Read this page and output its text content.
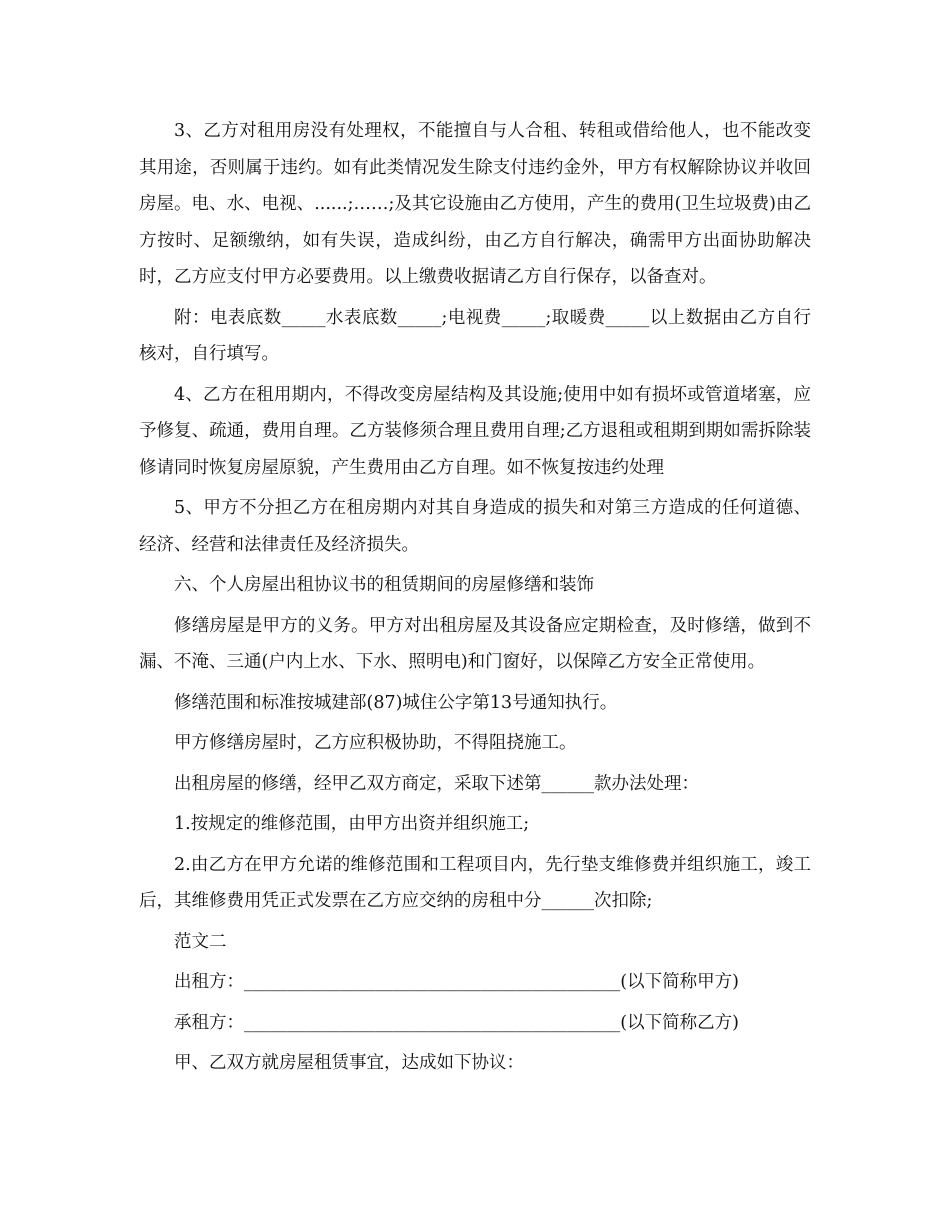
3、乙方对租用房没有处理权，不能擅自与人合租、转租或借给他人，也不能改变其用途，否则属于违约。如有此类情况发生除支付违约金外，甲方有权解除协议并收回房屋。电、水、电视、......;……;及其它设施由乙方使用，产生的费用(卫生垃圾费)由乙方按时、足额缴纳，如有失误，造成纠纷，由乙方自行解决，确需甲方出面协助解决时，乙方应支付甲方必要费用。以上缴费收据请乙方自行保存，以备查对。

附：电表底数_____水表底数_____;电视费_____;取暖费_____以上数据由乙方自行核对，自行填写。

4、乙方在租用期内，不得改变房屋结构及其设施;使用中如有损坏或管道堵塞，应予修复、疏通，费用自理。乙方装修须合理且费用自理;乙方退租或租期到期如需拆除装修请同时恢复房屋原貌，产生费用由乙方自理。如不恢复按违约处理

5、甲方不分担乙方在租房期内对其自身造成的损失和对第三方造成的任何道德、经济、经营和法律责任及经济损失。

六、个人房屋出租协议书的租赁期间的房屋修缮和装饰

修缮房屋是甲方的义务。甲方对出租房屋及其设备应定期检查，及时修缮，做到不漏、不淹、三通(户内上水、下水、照明电)和门窗好，以保障乙方安全正常使用。

修缮范围和标准按城建部(87)城住公字第13号通知执行。

甲方修缮房屋时，乙方应积极协助，不得阻挠施工。

出租房屋的修缮，经甲乙双方商定，采取下述第______款办法处理：

1.按规定的维修范围，由甲方出资并组织施工;

2.由乙方在甲方允诺的维修范围和工程项目内，先行垫支维修费并组织施工，竣工后，其维修费用凭正式发票在乙方应交纳的房租中分______次扣除;

范文二

出租方：___________________________________________(以下简称甲方)

承租方：___________________________________________(以下简称乙方)

甲、乙双方就房屋租赁事宜，达成如下协议：
